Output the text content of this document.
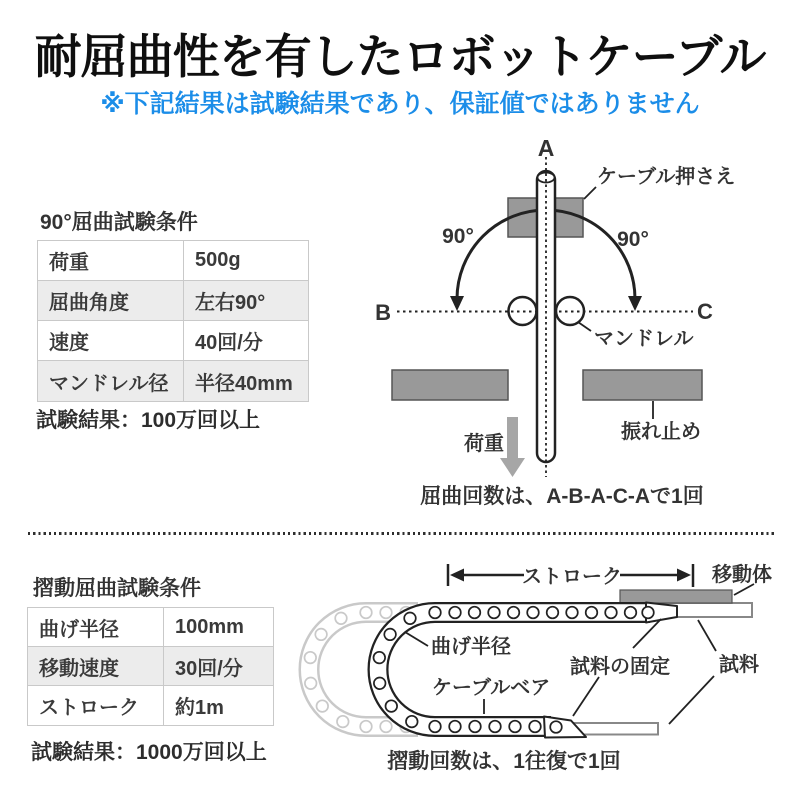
耐屈曲性を有したロボットケーブル
※下記結果は試験結果であり、保証値ではありません
90°屈曲試験条件
荷重	500g
屈曲角度	左右90°
速度	40回/分
マンドレル径	半径40mm
試験結果：100万回以上
A
ケーブル押さえ
90°	90°
B	C
マンドレル
振れ止め
荷重
屈曲回数は、A-B-A-C-Aで1回
摺動屈曲試験条件
曲げ半径	100mm
移動速度	30回/分
ストローク	約1m
試験結果：1000万回以上
ストローク	移動体
曲げ半径
ケーブルベア
試料の固定 試料
摺動回数は、1往復で1回
